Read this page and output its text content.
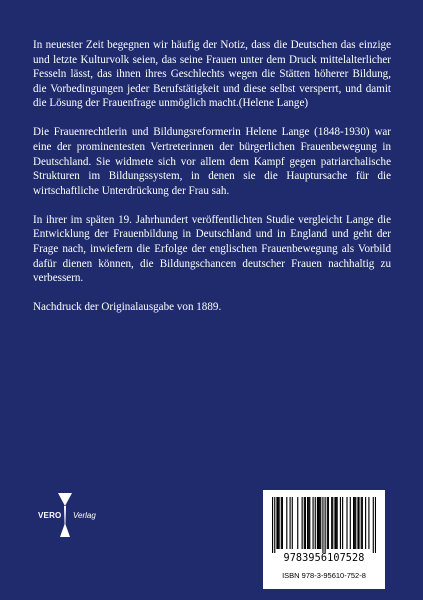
In neuester Zeit begegnen wir häufig der Notiz, dass die Deutschen das einzige und letzte Kulturvolk seien, das seine Frauen unter dem Druck mittelalterlicher Fesseln lässt, das ihnen ihres Geschlechts wegen die Stätten höherer Bildung, die Vorbedingungen jeder Berufstätigkeit und diese selbst versperrt, und damit die Lösung der Frauenfrage unmöglich macht.(Helene Lange)

Die Frauenrechtlerin und Bildungsreformerin Helene Lange (1848-1930) war eine der prominentesten Vertreterinnen der bürgerlichen Frauenbewegung in Deutschland. Sie widmete sich vor allem dem Kampf gegen patriarchalische Strukturen im Bildungssystem, in denen sie die Hauptursache für die wirtschaftliche Unterdrückung der Frau sah.

In ihrer im späten 19. Jahrhundert veröffentlichten Studie vergleicht Lange die Entwicklung der Frauenbildung in Deutschland und in England und geht der Frage nach, inwiefern die Erfolge der englischen Frauenbewegung als Vorbild dafür dienen können, die Bildungschancen deutscher Frauen nachhaltig zu verbessern.

Nachdruck der Originalausgabe von 1889.

VERO Verlag
9783956107528
ISBN 978-3-95610-752-8
